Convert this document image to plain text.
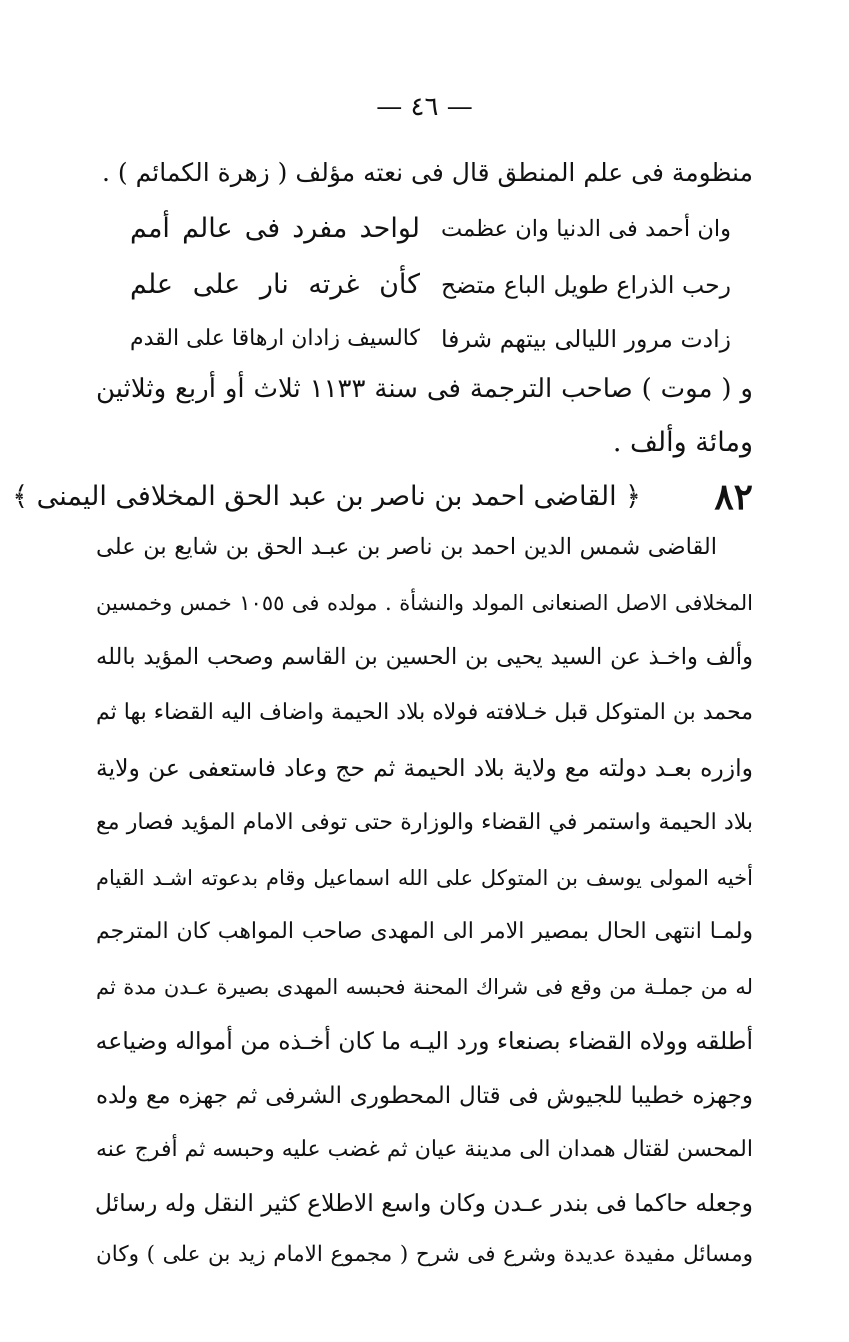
— ٤٦ —
منظومة فى علم المنطق قال فى نعته مؤلف ( زهرة الكمائم ) .
وان أحمد فى الدنيا وان عظمت
لواحد مفرد فى عالم أمم
رحب الذراع طويل الباع متضح
كأن غرته نار على علم
زادت مرور الليالى بيتهم شرفا
كالسيف زادان ارهاقا على القدم
و ( موت ) صاحب الترجمة فى سنة ١١٣٣ ثلاث أو أربع وثلاثين
ومائة وألف .
٨٢
﴿ القاضى احمد بن ناصر بن عبد الحق المخلافى اليمنى ﴾
القاضى شمس الدين احمد بن ناصر بن عبـد الحق بن شايع بن على
المخلافى الاصل الصنعانى المولد والنشأة . مولده فى ١٠٥٥ خمس وخمسين
وألف واخـذ عن السيد يحيى بن الحسين بن القاسم وصحب المؤيد بالله
محمد بن المتوكل قبل خـلافته فولاه بلاد الحيمة واضاف اليه القضاء بها ثم
وازره بعـد دولته مع ولاية بلاد الحيمة ثم حج وعاد فاستعفى عن ولاية
بلاد الحيمة واستمر في القضاء والوزارة حتى توفى الامام المؤيد فصار مع
أخيه المولى يوسف بن المتوكل على الله اسماعيل وقام بدعوته اشـد القيام
ولمـا انتهى الحال بمصير الامر الى المهدى صاحب المواهب كان المترجم
له من جملـة من وقع فى شراك المحنة فحبسه المهدى بصيرة عـدن مدة ثم
أطلقه وولاه القضاء بصنعاء ورد اليـه ما كان أخـذه من أمواله وضياعه
وجهزه خطيبا للجيوش فى قتال المحطورى الشرفى ثم جهزه مع ولده
المحسن لقتال همدان الى مدينة عيان ثم غضب عليه وحبسه ثم أفرج عنه
وجعله حاكما فى بندر عـدن وكان واسع الاطلاع كثير النقل وله رسائل
ومسائل مفيدة عديدة وشرع فى شرح ( مجموع الامام زيد بن على ) وكان
